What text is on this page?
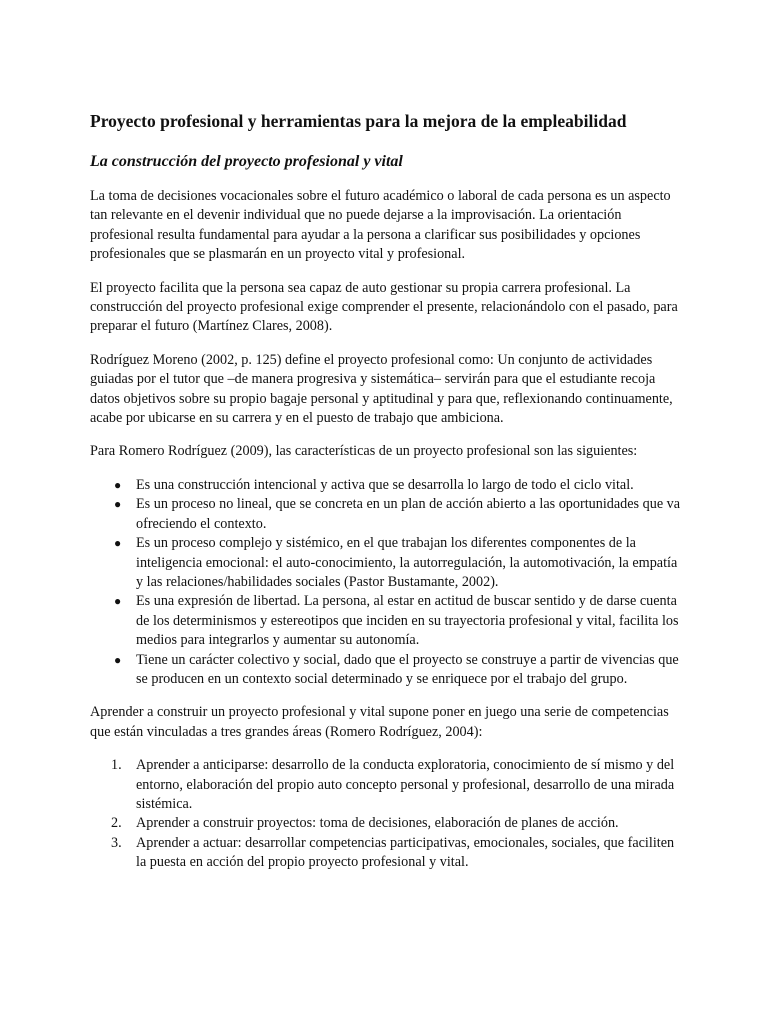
Proyecto profesional y herramientas para la mejora de la empleabilidad
La construcción del proyecto profesional y vital

La toma de decisiones vocacionales sobre el futuro académico o laboral de cada persona es un aspecto tan relevante en el devenir individual que no puede dejarse a la improvisación. La orientación profesional resulta fundamental para ayudar a la persona a clarificar sus posibilidades y opciones profesionales que se plasmarán en un proyecto vital y profesional.

El proyecto facilita que la persona sea capaz de auto gestionar su propia carrera profesional. La construcción del proyecto profesional exige comprender el presente, relacionándolo con el pasado, para preparar el futuro (Martínez Clares, 2008).

Rodríguez Moreno (2002, p. 125) define el proyecto profesional como: Un conjunto de actividades guiadas por el tutor que –de manera progresiva y sistemática– servirán para que el estudiante recoja datos objetivos sobre su propio bagaje personal y aptitudinal y para que, reflexionando continuamente, acabe por ubicarse en su carrera y en el puesto de trabajo que ambiciona.

Para Romero Rodríguez (2009), las características de un proyecto profesional son las siguientes:

● Es una construcción intencional y activa que se desarrolla lo largo de todo el ciclo vital.
● Es un proceso no lineal, que se concreta en un plan de acción abierto a las oportunidades que va ofreciendo el contexto.
● Es un proceso complejo y sistémico, en el que trabajan los diferentes componentes de la inteligencia emocional: el auto-conocimiento, la autorregulación, la automotivación, la empatía y las relaciones/habilidades sociales (Pastor Bustamante, 2002).
● Es una expresión de libertad. La persona, al estar en actitud de buscar sentido y de darse cuenta de los determinismos y estereotipos que inciden en su trayectoria profesional y vital, facilita los medios para integrarlos y aumentar su autonomía.
● Tiene un carácter colectivo y social, dado que el proyecto se construye a partir de vivencias que se producen en un contexto social determinado y se enriquece por el trabajo del grupo.

Aprender a construir un proyecto profesional y vital supone poner en juego una serie de competencias que están vinculadas a tres grandes áreas (Romero Rodríguez, 2004):

1. Aprender a anticiparse: desarrollo de la conducta exploratoria, conocimiento de sí mismo y del entorno, elaboración del propio auto concepto personal y profesional, desarrollo de una mirada sistémica.
2. Aprender a construir proyectos: toma de decisiones, elaboración de planes de acción.
3. Aprender a actuar: desarrollar competencias participativas, emocionales, sociales, que faciliten la puesta en acción del propio proyecto profesional y vital.
